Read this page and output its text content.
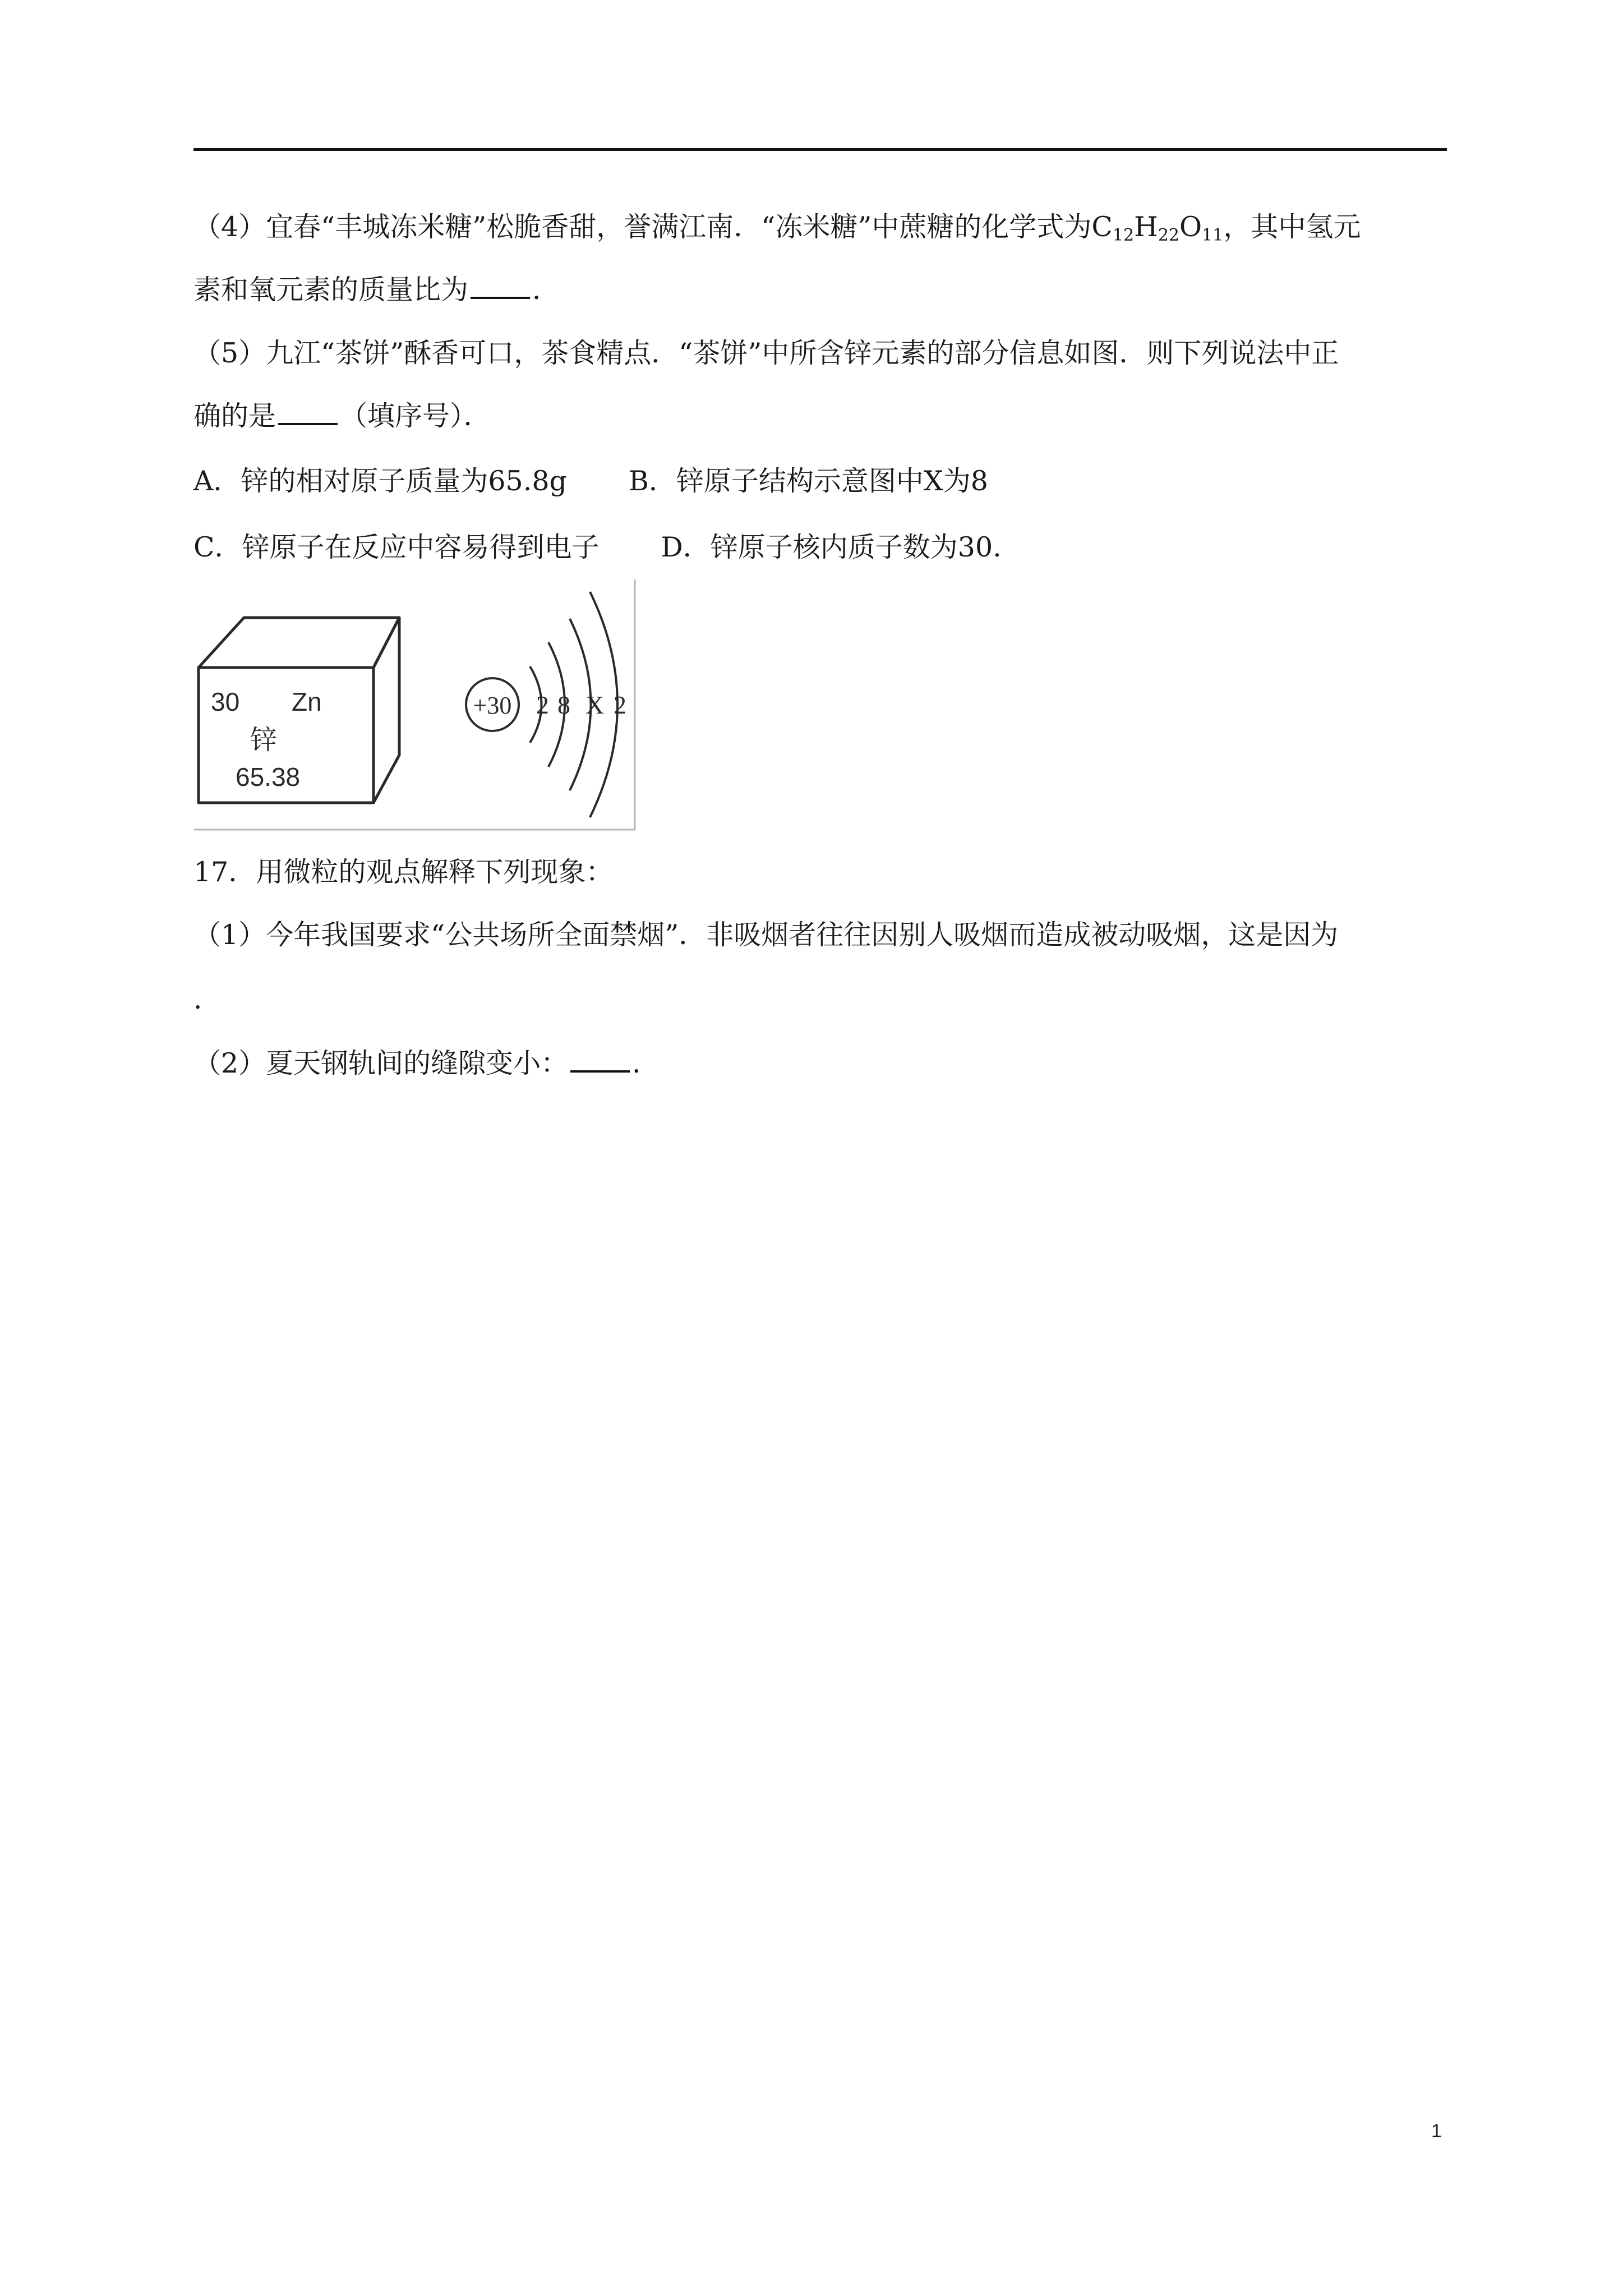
（4）宜春“丰城冻米糖”松脆香甜，誉满江南．“冻米糖”中蔗糖的化学式为$C_{12}H_{22}O_{11}$，其中氢元
素和氧元素的质量比为 ．
（5）九江“茶饼”酥香可口，茶食精点．“茶饼”中所含锌元素的部分信息如图．则下列说法中正
确的是 （填序号）．
A．锌的相对原子质量为65.8g B．锌原子结构示意图中X为8
C．锌原子在反应中容易得到电子 D．锌原子核内质子数为30.
30 Zn
锌
65.38
+30 2 8 X 2
17．用微粒的观点解释下列现象：
（1）今年我国要求“公共场所全面禁烟”．非吸烟者往往因别人吸烟而造成被动吸烟，这是因为
．
（2）夏天钢轨间的缝隙变小： ．
1
